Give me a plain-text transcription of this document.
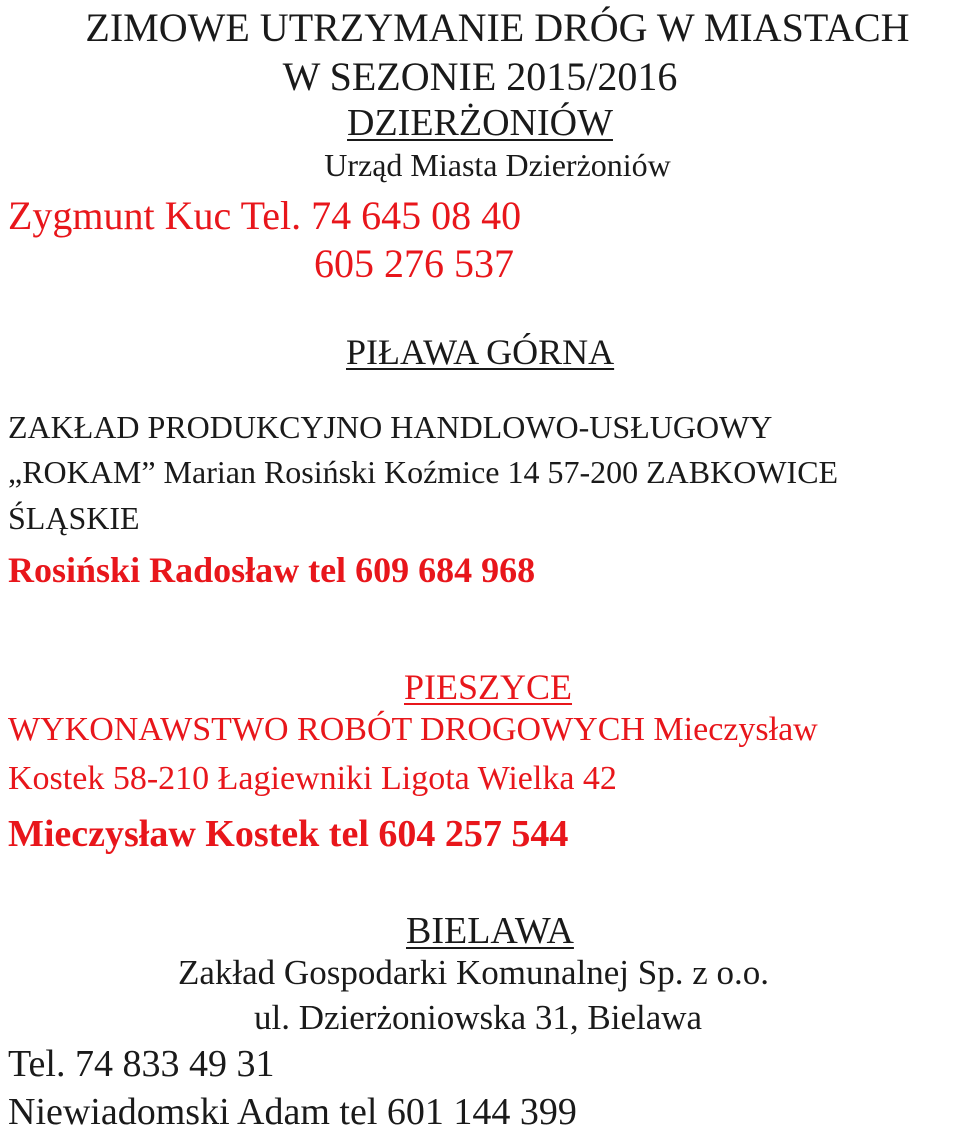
ZIMOWE UTRZYMANIE DRÓG W MIASTACH
W SEZONIE 2015/2016
DZIERŻONIÓW
Urząd Miasta Dzierżoniów
Zygmunt Kuc Tel. 74 645 08 40
605 276 537
PIŁAWA GÓRNA
ZAKŁAD PRODUKCYJNO HANDLOWO-USŁUGOWY
„ROKAM” Marian Rosiński Koźmice 14 57-200 ZABKOWICE
ŚLĄSKIE
Rosiński Radosław tel 609 684 968
PIESZYCE
WYKONAWSTWO ROBÓT DROGOWYCH Mieczysław
Kostek 58-210 Łagiewniki Ligota Wielka 42
Mieczysław Kostek tel 604 257 544
BIELAWA
Zakład Gospodarki Komunalnej Sp. z o.o.
ul. Dzierżoniowska 31, Bielawa
Tel. 74 833 49 31
Niewiadomski Adam tel 601 144 399
